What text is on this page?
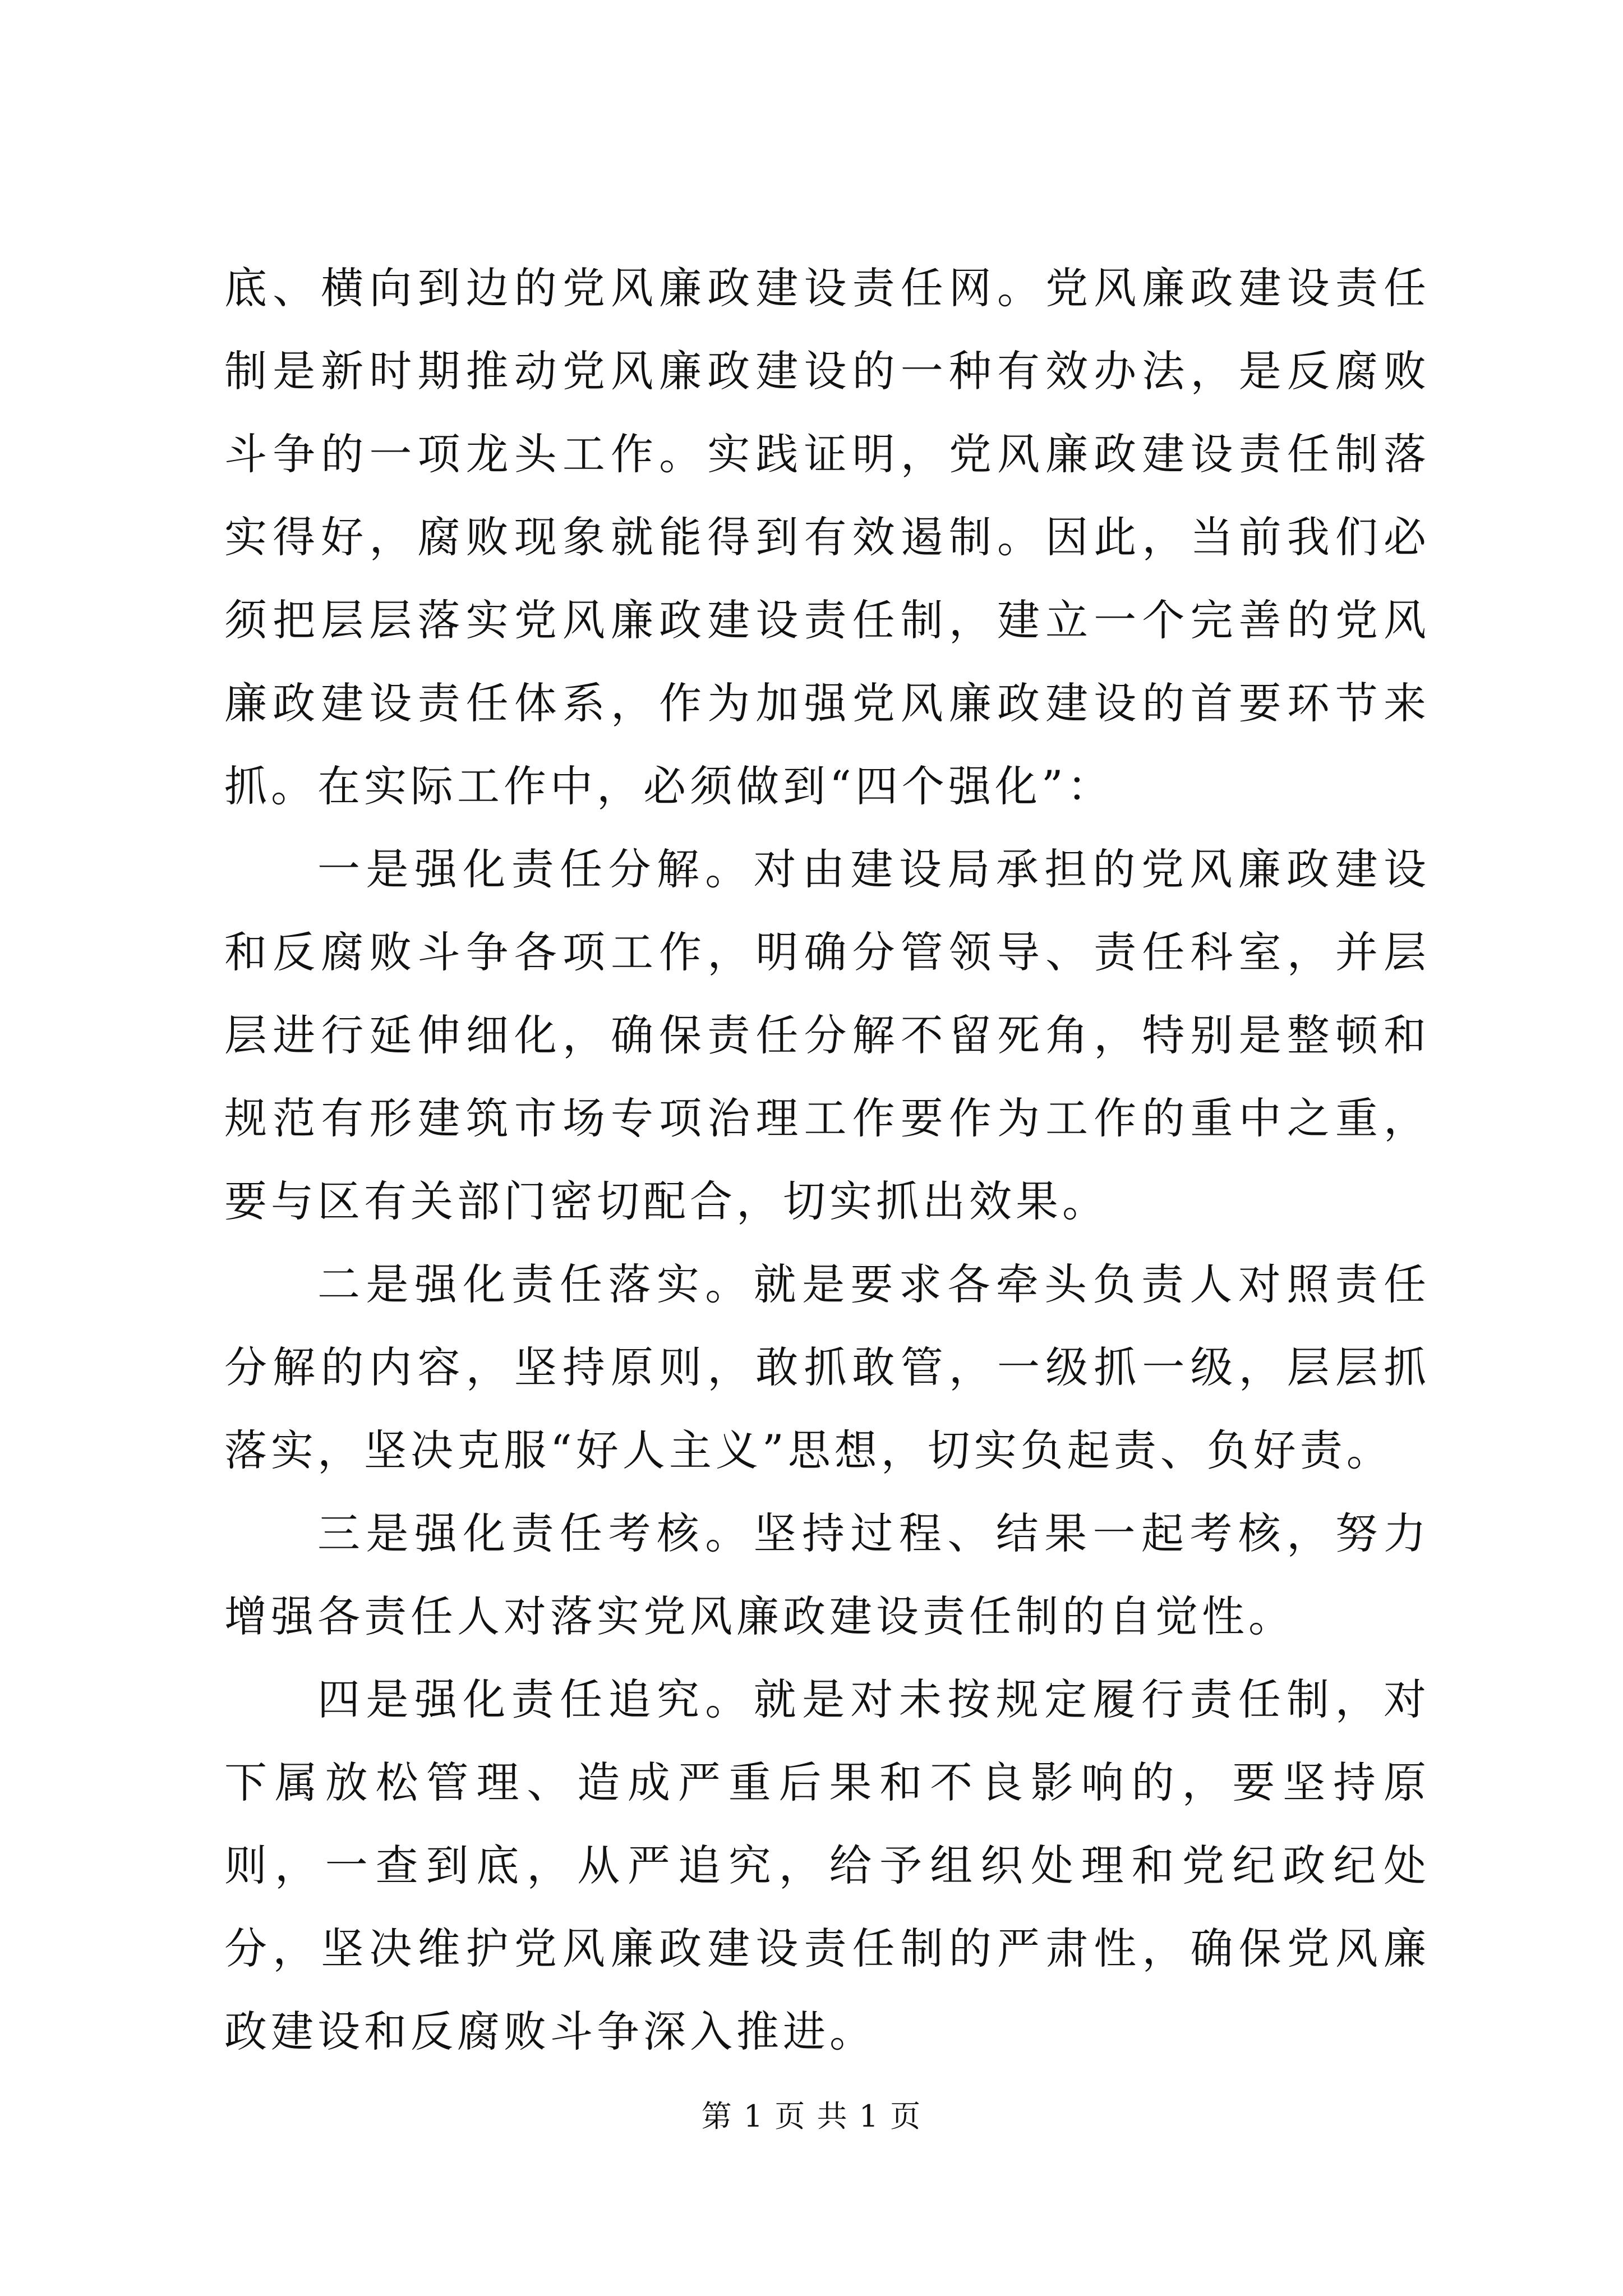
底、横向到边的党风廉政建设责任网。党风廉政建设责任制是新时期推动党风廉政建设的一种有效办法，是反腐败斗争的一项龙头工作。实践证明，党风廉政建设责任制落实得好，腐败现象就能得到有效遏制。因此，当前我们必须把层层落实党风廉政建设责任制，建立一个完善的党风廉政建设责任体系，作为加强党风廉政建设的首要环节来抓。在实际工作中，必须做到“四个强化”：

一是强化责任分解。对由建设局承担的党风廉政建设和反腐败斗争各项工作，明确分管领导、责任科室，并层层进行延伸细化，确保责任分解不留死角，特别是整顿和规范有形建筑市场专项治理工作要作为工作的重中之重，要与区有关部门密切配合，切实抓出效果。

二是强化责任落实。就是要求各牵头负责人对照责任分解的内容，坚持原则，敢抓敢管，一级抓一级，层层抓落实，坚决克服“好人主义”思想，切实负起责、负好责。

三是强化责任考核。坚持过程、结果一起考核，努力增强各责任人对落实党风廉政建设责任制的自觉性。

四是强化责任追究。就是对未按规定履行责任制，对下属放松管理、造成严重后果和不良影响的，要坚持原则，一查到底，从严追究，给予组织处理和党纪政纪处分，坚决维护党风廉政建设责任制的严肃性，确保党风廉政建设和反腐败斗争深入推进。

第 1 页 共 1 页
